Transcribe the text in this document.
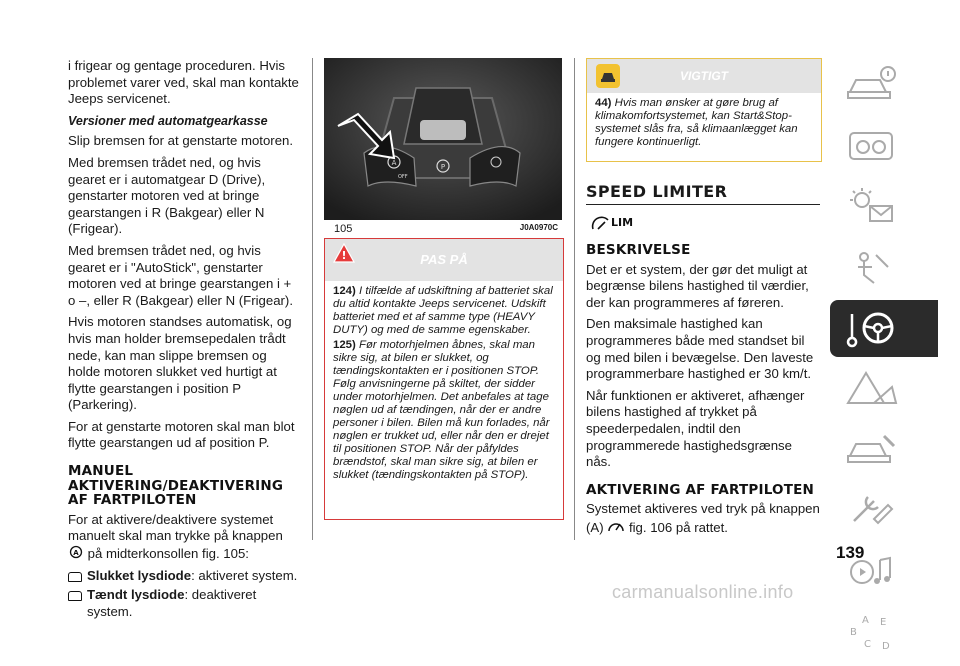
i frigear og gentage proceduren. Hvis problemet varer ved, skal man kontakte Jeeps servicenet.

Versioner med automatgearkasse

Slip bremsen for at genstarte motoren.

Med bremsen trådet ned, og hvis gearet er i automatgear D (Drive), genstarter motoren ved at bringe gearstangen i R (Bakgear) eller N (Frigear).

Med bremsen trådet ned, og hvis gearet er i "AutoStick", genstarter motoren ved at bringe gearstangen i + o –, eller R (Bakgear) eller N (Frigear).

Hvis motoren standses automatisk, og hvis man holder bremsepedalen trådt nede, kan man slippe bremsen og holde motoren slukket ved hurtigt at flytte gearstangen i position P (Parkering).

For at genstarte motoren skal man blot flytte gearstangen ud af position P.

MANUEL AKTIVERING/DEAKTIVERING AF FARTPILOTEN

For at aktivere/deaktivere systemet manuelt skal man trykke på knappen
A på midterkonsollen fig. 105:

Slukket lysdiode: aktiveret system.
Tændt lysdiode: deaktiveret system.
A
OFF
P
105	J0A0970C
!	PAS PÅ

124) I tilfælde af udskiftning af batteriet skal du altid kontakte Jeeps servicenet. Udskift batteriet med et af samme type (HEAVY DUTY) og med de samme egenskaber.

125) Før motorhjelmen åbnes, skal man sikre sig, at bilen er slukket, og tændingskontakten er i positionen STOP. Følg anvisningerne på skiltet, der sidder under motorhjelmen. Det anbefales at tage nøglen ud af tændingen, når der er andre personer i bilen. Bilen må kun forlades, når nøglen er trukket ud, eller når den er drejet til positionen STOP. Når der påfyldes brændstof, skal man sikre sig, at bilen er slukket (tændingskontakten på STOP).

VIGTIGT

44) Hvis man ønsker at gøre brug af klimakomfortsystemet, kan Start&Stop-systemet slås fra, så klimaanlægget kan fungere kontinuerligt.

SPEED LIMITER
LIM
BESKRIVELSE

Det er et system, der gør det muligt at begrænse bilens hastighed til værdier, der kan programmeres af føreren.

Den maksimale hastighed kan programmeres både med standset bil og med bilen i bevægelse. Den laveste programmerbare hastighed er 30 km/t.

Når funktionen er aktiveret, afhænger bilens hastighed af trykket på speederpedalen, indtil den programmerede hastighedsgrænse nås.

AKTIVERING AF FARTPILOTEN

Systemet aktiveres ved tryk på knappen
(A) fig. 106 på rattet.

A
B
C D
E
139
carmanualsonline.info
